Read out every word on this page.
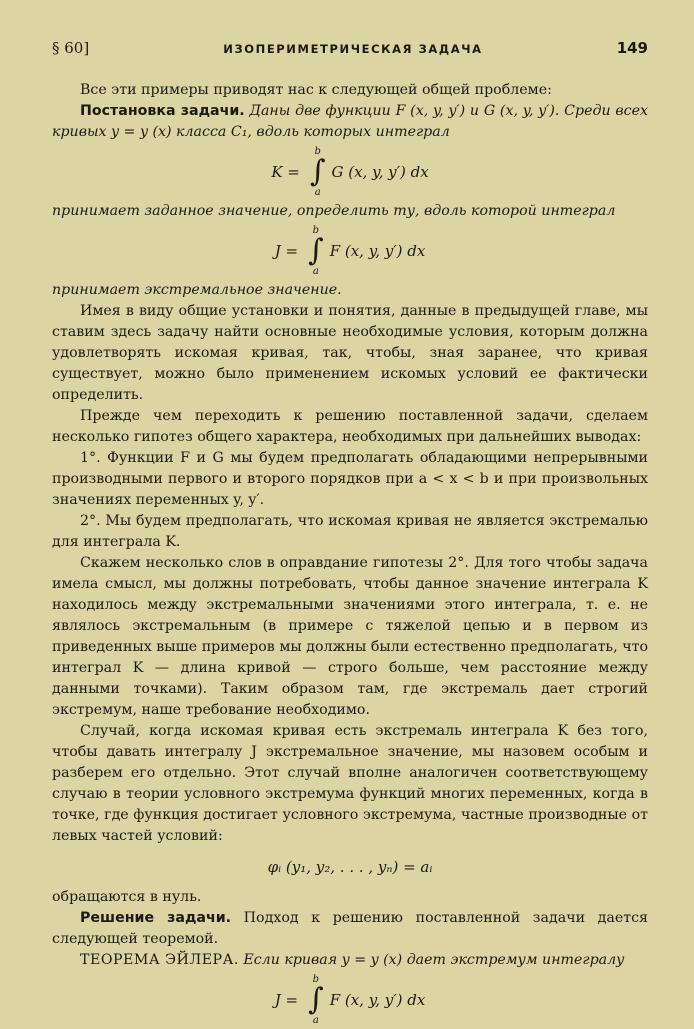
§ 60]	ИЗОПЕРИМЕТРИЧЕСКАЯ ЗАДАЧА	149

Все эти примеры приводят нас к следующей общей проблеме:

Постановка задачи. Даны две функции F (x, y, y′) и G (x, y, y′). Среди всех кривых y = y (x) класса C₁, вдоль которых интеграл

K =
b
∫
a
G (x, y, y′) dx

принимает заданное значение, определить ту, вдоль которой интеграл

J =
b
∫
a
F (x, y, y′) dx

принимает экстремальное значение.

Имея в виду общие установки и понятия, данные в предыдущей главе, мы ставим здесь задачу найти основные необходимые условия, которым должна удовлетворять искомая кривая, так, чтобы, зная заранее, что кривая существует, можно было применением искомых условий ее фактически определить.

Прежде чем переходить к решению поставленной задачи, сделаем несколько гипотез общего характера, необходимых при дальнейших выводах:

1°. Функции F и G мы будем предполагать обладающими непрерывными производными первого и второго порядков при a < x < b и при произвольных значениях переменных y, y′.

2°. Мы будем предполагать, что искомая кривая не является экстремалью для интеграла K.

Скажем несколько слов в оправдание гипотезы 2°. Для того чтобы задача имела смысл, мы должны потребовать, чтобы данное значение интеграла K находилось между экстремальными значениями этого интеграла, т. е. не являлось экстремальным (в примере с тяжелой цепью и в первом из приведенных выше примеров мы должны были естественно предполагать, что интеграл K — длина кривой — строго больше, чем расстояние между данными точками). Таким образом там, где экстремаль дает строгий экстремум, наше требование необходимо.

Случай, когда искомая кривая есть экстремаль интеграла K без того, чтобы давать интегралу J экстремальное значение, мы назовем особым и разберем его отдельно. Этот случай вполне аналогичен соответствующему случаю в теории условного экстремума функций многих переменных, когда в точке, где функция достигает условного экстремума, частные производные от левых частей условий:

φᵢ (y₁, y₂, . . . , yₙ) = aᵢ

обращаются в нуль.

Решение задачи. Подход к решению поставленной задачи дается следующей теоремой.

ТЕОРЕМА ЭЙЛЕРА. Если кривая y = y (x) дает экстремум интегралу

J =
b
∫
a
F (x, y, y′) dx
